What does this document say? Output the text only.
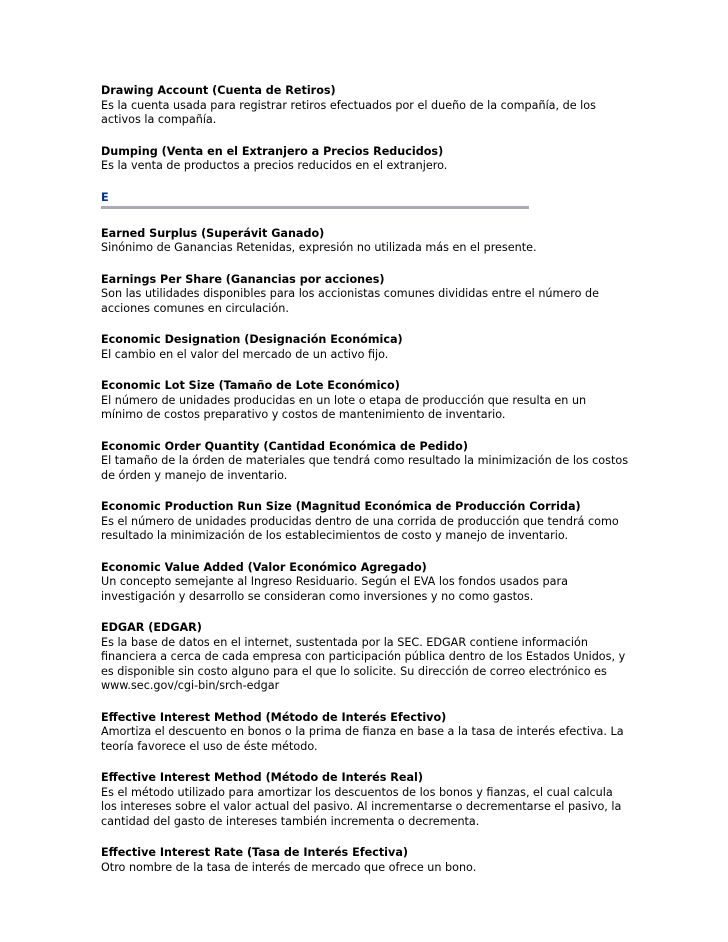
Drawing Account (Cuenta de Retiros)
Es la cuenta usada para registrar retiros efectuados por el dueño de la compañía, de los activos la compañía.
Dumping (Venta en el Extranjero a Precios Reducidos)
Es la venta de productos a precios reducidos en el extranjero.
E
Earned Surplus (Superávit Ganado)
Sinónimo de Ganancias Retenidas, expresión no utilizada más en el presente.
Earnings Per Share (Ganancias por acciones)
Son las utilidades disponibles para los accionistas comunes divididas entre el número de acciones comunes en circulación.
Economic Designation (Designación Económica)
El cambio en el valor del mercado de un activo fijo.
Economic Lot Size (Tamaño de Lote Económico)
El número de unidades producidas en un lote o etapa de producción que resulta en un mínimo de costos preparativo y costos de mantenimiento de inventario.
Economic Order Quantity (Cantidad Económica de Pedido)
El tamaño de la órden de materiales que tendrá como resultado la minimización de los costos de órden y manejo de inventario.
Economic Production Run Size (Magnitud Económica de Producción Corrida)
Es el número de unidades producidas dentro de una corrida de producción que tendrá como resultado la minimización de los establecimientos de costo y manejo de inventario.
Economic Value Added (Valor Económico Agregado)
Un concepto semejante al Ingreso Residuario. Según el EVA los fondos usados para investigación y desarrollo se consideran como inversiones y no como gastos.
EDGAR (EDGAR)
Es la base de datos en el internet, sustentada por la SEC. EDGAR contiene información financiera a cerca de cada empresa con participación pública dentro de los Estados Unidos, y es disponible sin costo alguno para el que lo solicite. Su dirección de correo electrónico es www.sec.gov/cgi-bin/srch-edgar
Effective Interest Method (Método de Interés Efectivo)
Amortiza el descuento en bonos o la prima de fianza en base a la tasa de interés efectiva. La teoría favorece el uso de éste método.
Effective Interest Method (Método de Interés Real)
Es el método utilizado para amortizar los descuentos de los bonos y fianzas, el cual calcula los intereses sobre el valor actual del pasivo. Al incrementarse o decrementarse el pasivo, la cantidad del gasto de intereses también incrementa o decrementa.
Effective Interest Rate (Tasa de Interés Efectiva)
Otro nombre de la tasa de interés de mercado que ofrece un bono.
